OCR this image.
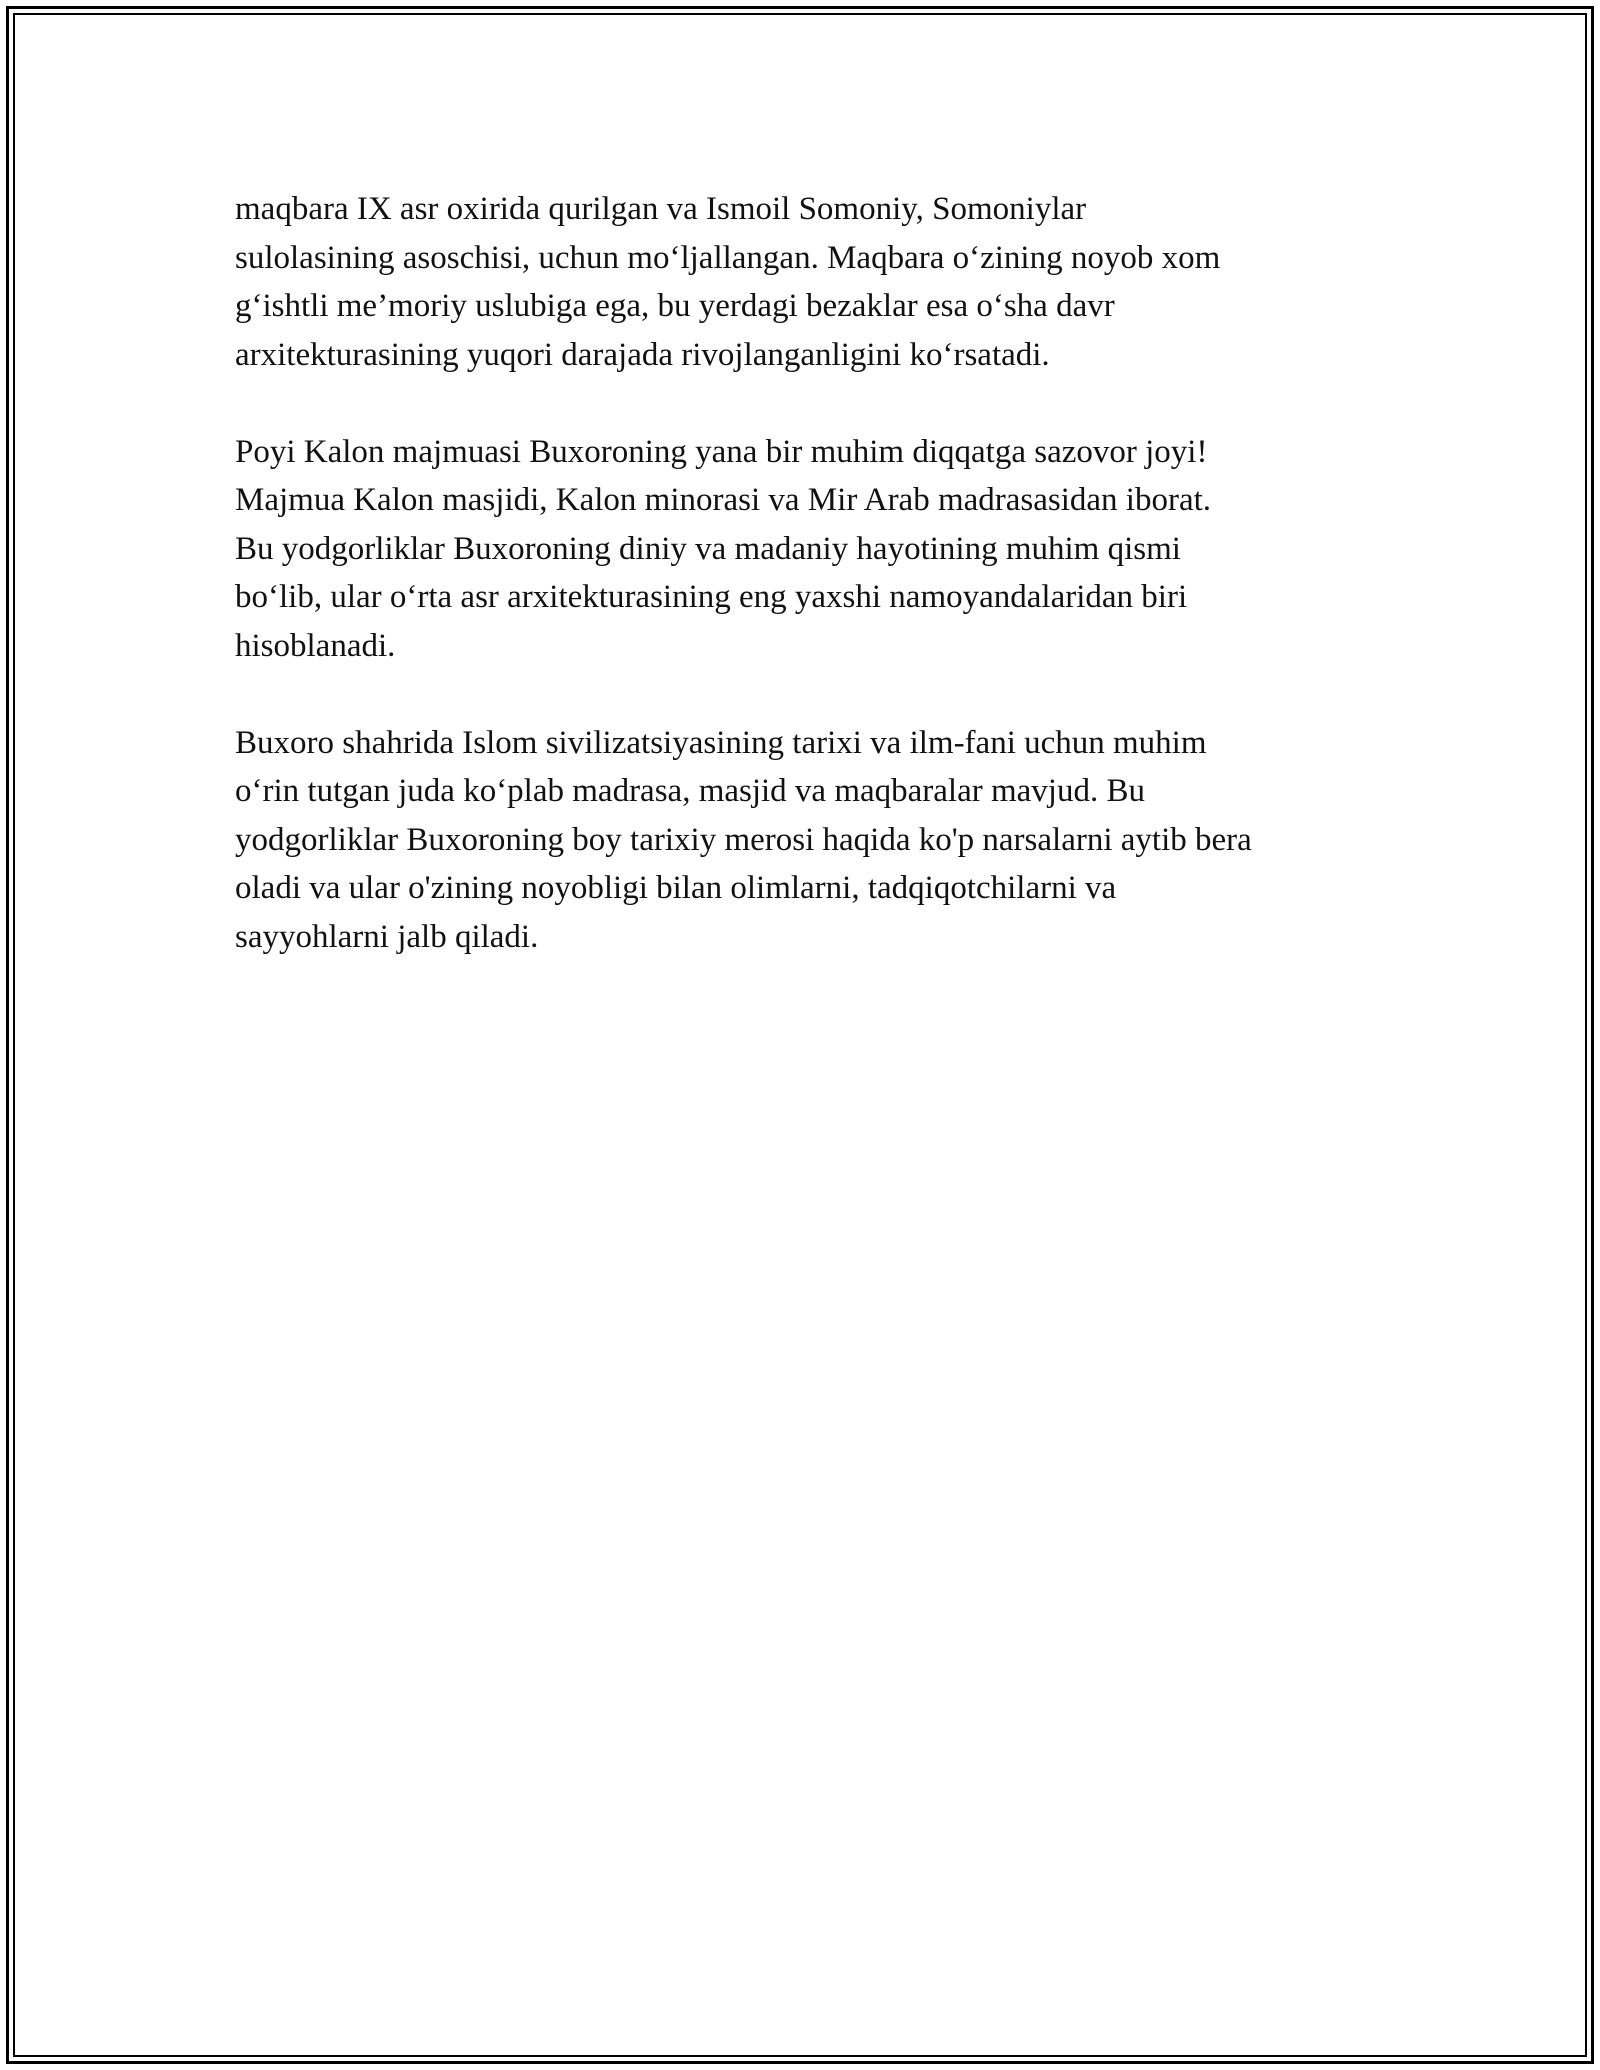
maqbara IX asr oxirida qurilgan va Ismoil Somoniy, Somoniylar
sulolasining asoschisi, uchun mo‘ljallangan. Maqbara o‘zining noyob xom
g‘ishtli me’moriy uslubiga ega, bu yerdagi bezaklar esa o‘sha davr
arxitekturasining yuqori darajada rivojlanganligini ko‘rsatadi.

Poyi Kalon majmuasi Buxoroning yana bir muhim diqqatga sazovor joyi!
Majmua Kalon masjidi, Kalon minorasi va Mir Arab madrasasidan iborat.
Bu yodgorliklar Buxoroning diniy va madaniy hayotining muhim qismi
bo‘lib, ular o‘rta asr arxitekturasining eng yaxshi namoyandalaridan biri
hisoblanadi.

Buxoro shahrida Islom sivilizatsiyasining tarixi va ilm-fani uchun muhim
o‘rin tutgan juda ko‘plab madrasa, masjid va maqbaralar mavjud. Bu
yodgorliklar Buxoroning boy tarixiy merosi haqida ko'p narsalarni aytib bera
oladi va ular o'zining noyobligi bilan olimlarni, tadqiqotchilarni va
sayyohlarni jalb qiladi.
